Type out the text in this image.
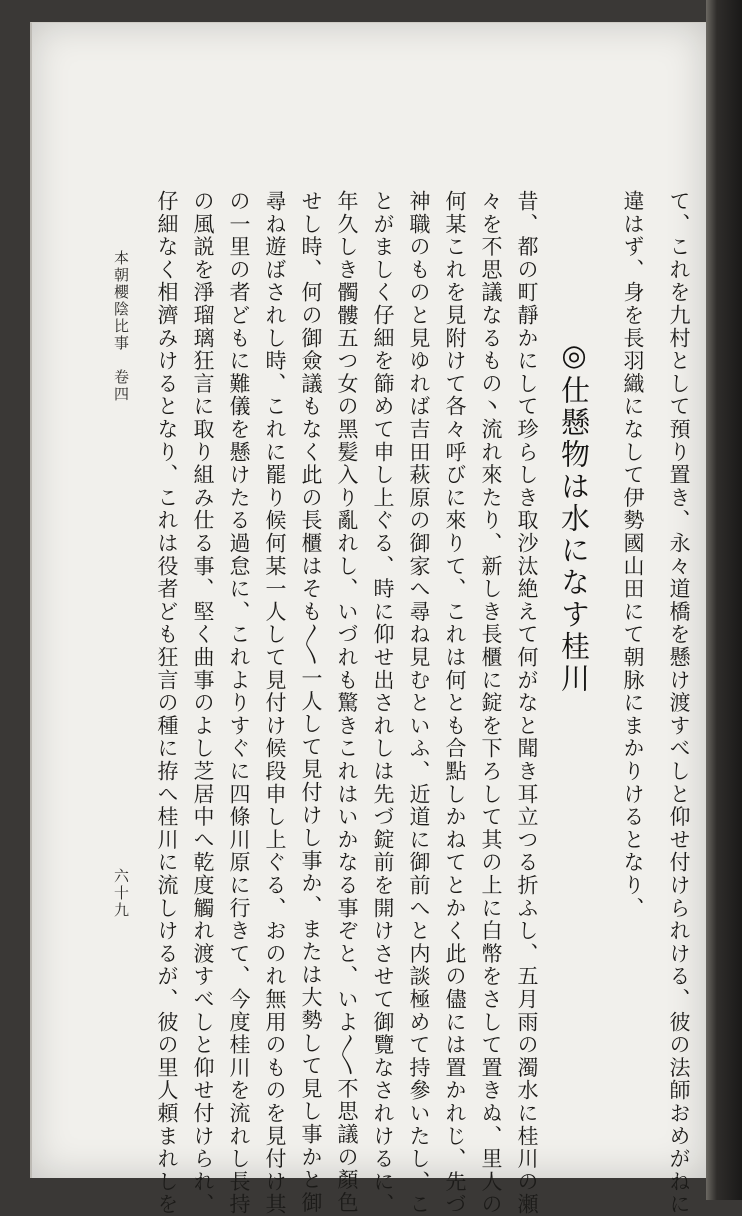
て、これを九村として預り置き、永々道橋を懸け渡すべしと仰せ付けられける、彼の法師おめがねに
違はず、身を長羽織になして伊勢國山田にて朝脉にまかりけるとなり、
◎仕懸物は水になす桂川
昔、都の町靜かにして珍らしき取沙汰絶えて何がなと聞き耳立つる折ふし、五月雨の濁水に桂川の瀬
々を不思議なるもの丶流れ來たり、新しき長櫃に錠を下ろして其の上に白幣をさして置きぬ、里人の
何某これを見附けて各々呼びに來りて、これは何とも合點しかねてとかく此の儘には置かれじ、先づ
神職のものと見ゆれば吉田萩原の御家へ尋ね見むといふ、近道に御前へと内談極めて持參いたし、こ
とがましく仔細を篩めて申し上ぐる、時に仰せ出されしは先づ錠前を開けさせて御覽なされけるに、
年久しき髑髏五つ女の黑髪入り亂れし、いづれも驚きこれはいかなる事ぞと、いよ〳〵不思議の顏色
せし時、何の御僉議もなく此の長櫃はそも〳〵一人して見付けし事か、または大勢して見し事かと御
尋ね遊ばされし時、これに罷り候何某一人して見付け候段申し上ぐる、おのれ無用のものを見付け其
の一里の者どもに難儀を懸けたる過怠に、これよりすぐに四條川原に行きて、今度桂川を流れし長持
の風説を淨瑠璃狂言に取り組み仕る事、堅く曲事のよし芝居中へ乾度觸れ渡すべしと仰せ付けられ、
仔細なく相濟みけるとなり、これは役者ども狂言の種に拵へ桂川に流しけるが、彼の里人頼まれしを
本朝櫻陰比事　卷四
六十九
